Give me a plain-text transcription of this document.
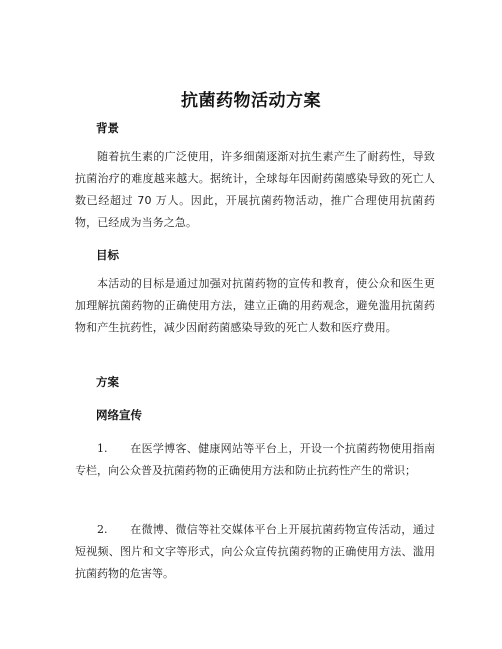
抗菌药物活动方案
背景
随着抗生素的广泛使用，许多细菌逐渐对抗生素产生了耐药性，导致抗菌治疗的难度越来越大。据统计，全球每年因耐药菌感染导致的死亡人数已经超过 70 万人。因此，开展抗菌药物活动，推广合理使用抗菌药物，已经成为当务之急。
目标
本活动的目标是通过加强对抗菌药物的宣传和教育，使公众和医生更加理解抗菌药物的正确使用方法，建立正确的用药观念，避免滥用抗菌药物和产生抗药性，减少因耐药菌感染导致的死亡人数和医疗费用。
方案
网络宣传
1. 在医学博客、健康网站等平台上，开设一个抗菌药物使用指南专栏，向公众普及抗菌药物的正确使用方法和防止抗药性产生的常识；
2. 在微博、微信等社交媒体平台上开展抗菌药物宣传活动，通过短视频、图片和文字等形式，向公众宣传抗菌药物的正确使用方法、滥用抗菌药物的危害等。
